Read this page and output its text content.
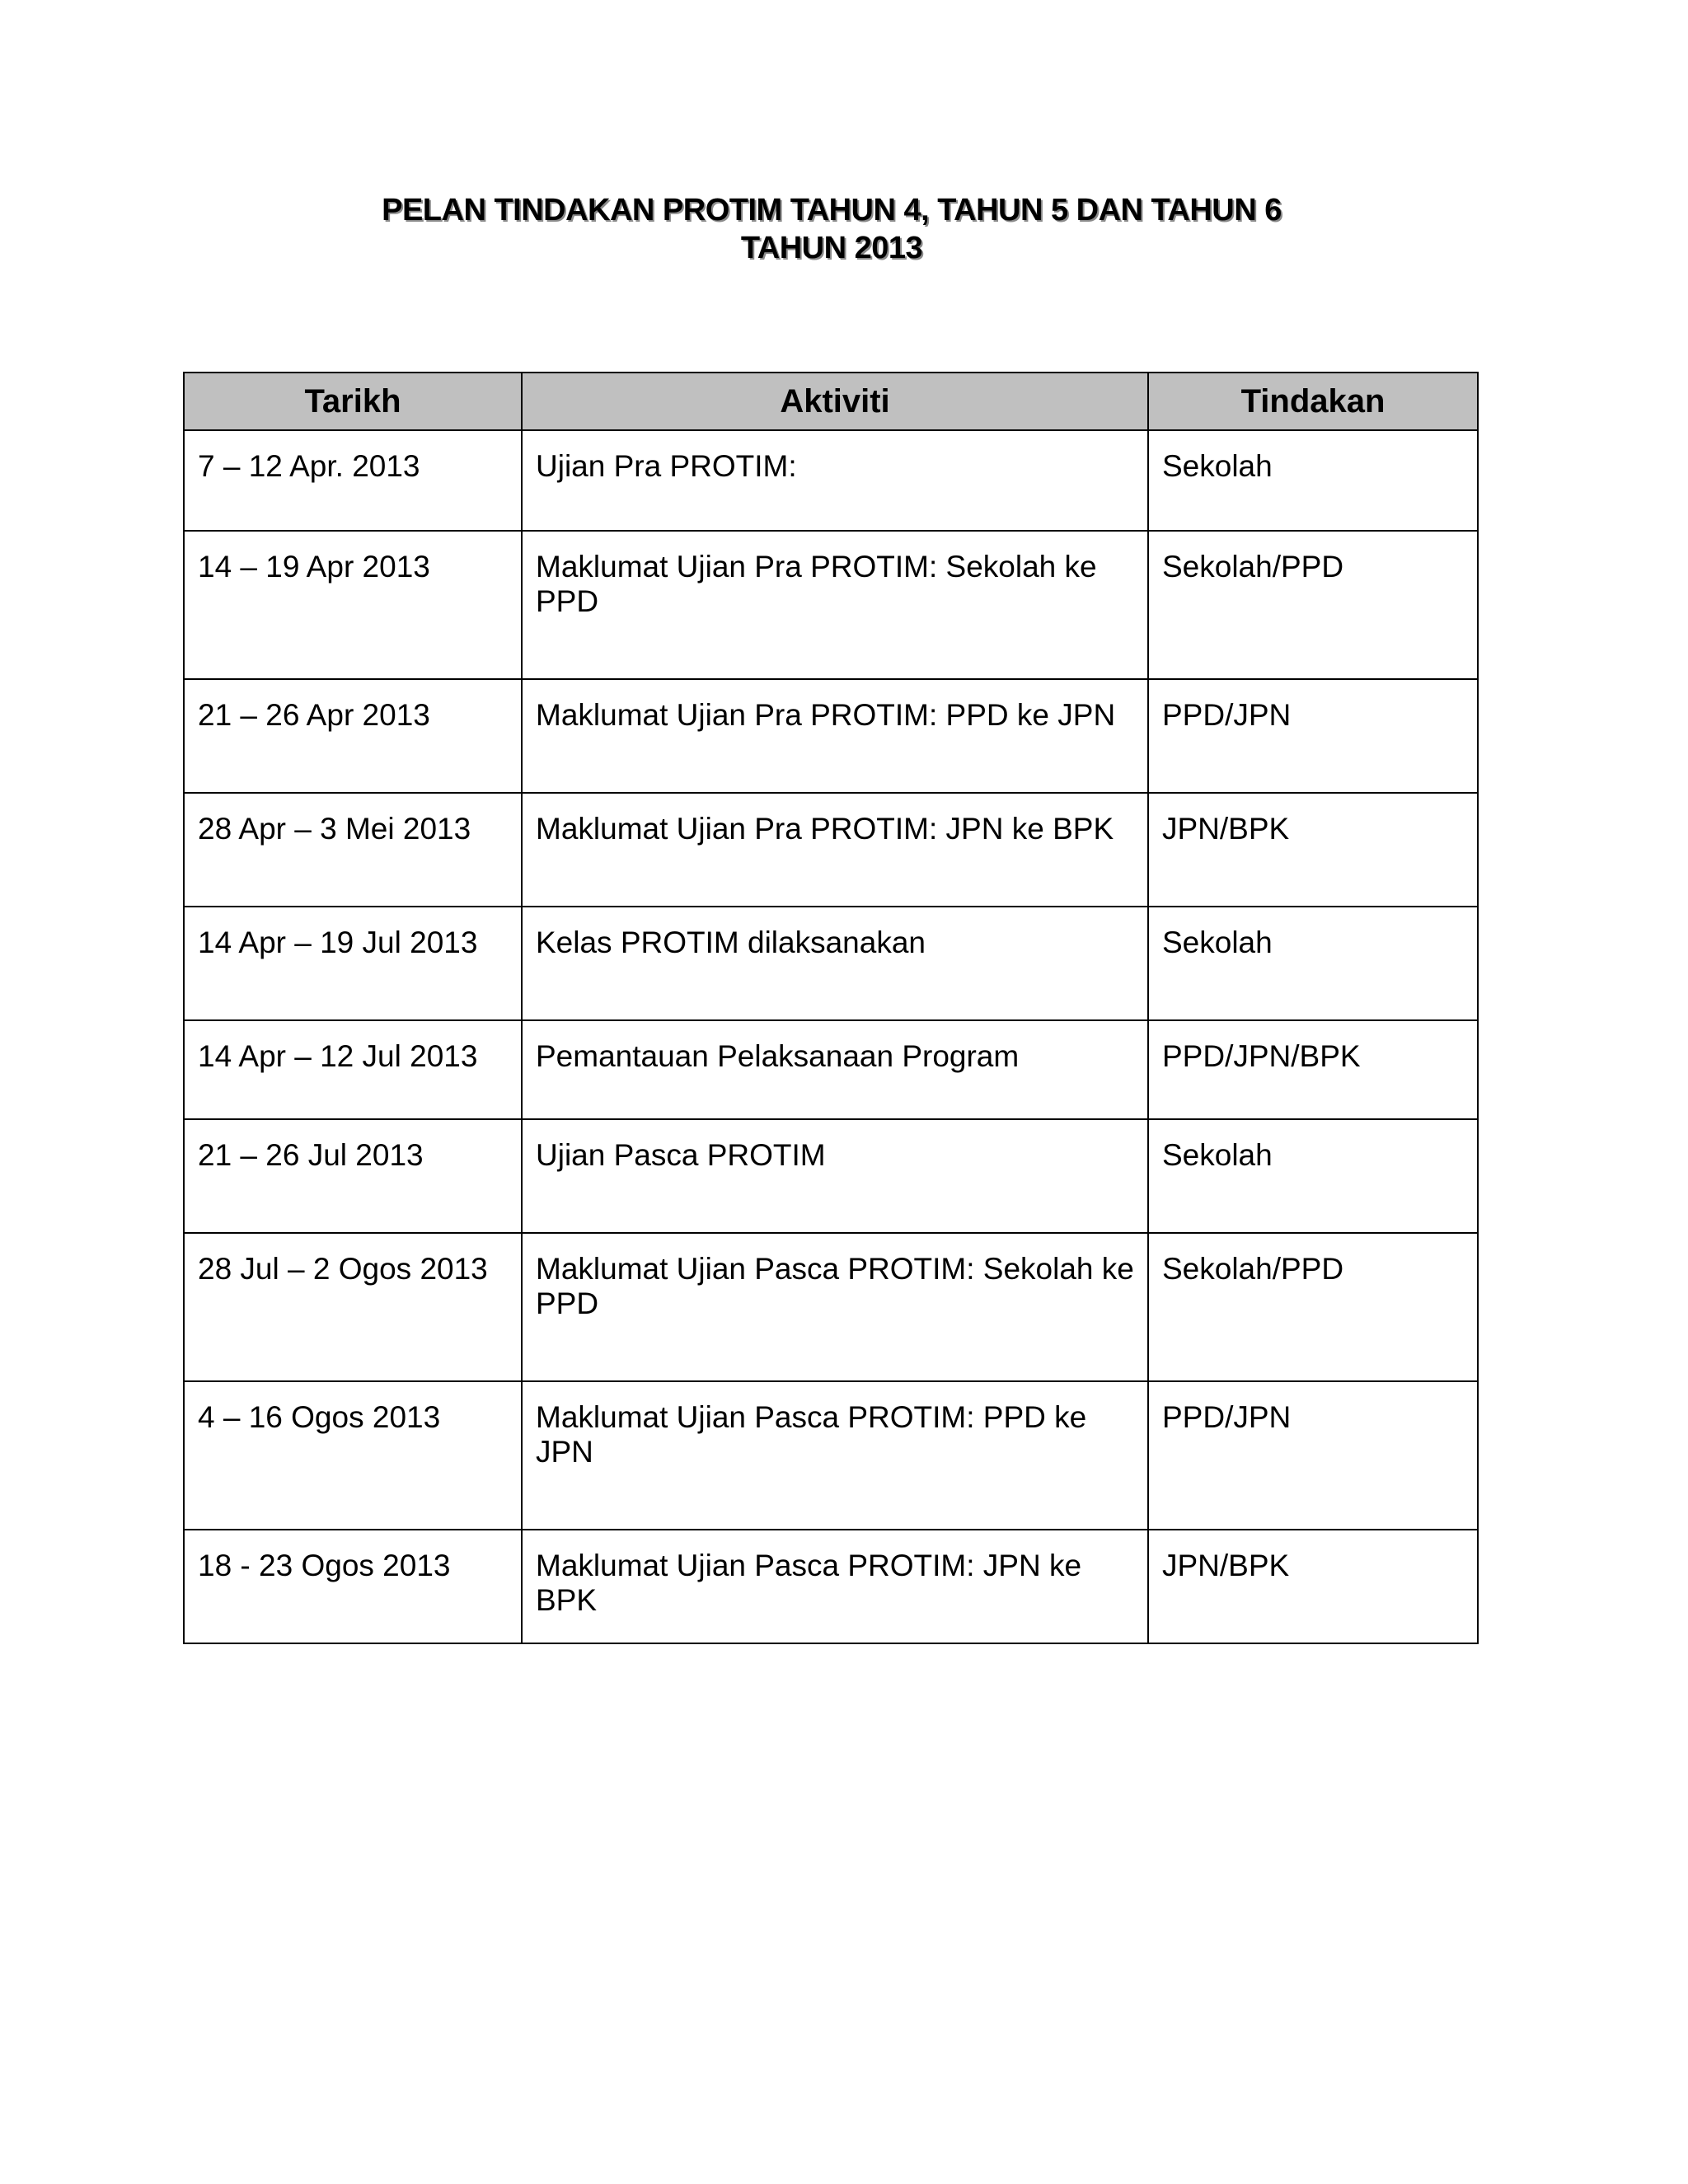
PELAN TINDAKAN PROTIM TAHUN 4, TAHUN 5 DAN TAHUN 6
TAHUN 2013
Tarikh	Aktiviti	Tindakan
7 – 12 Apr. 2013	Ujian Pra PROTIM:	Sekolah
14 – 19 Apr 2013	Maklumat Ujian Pra PROTIM: Sekolah ke PPD	Sekolah/PPD
21 – 26 Apr 2013	Maklumat Ujian Pra PROTIM: PPD ke JPN	PPD/JPN
28 Apr – 3 Mei 2013	Maklumat Ujian Pra PROTIM: JPN ke BPK	JPN/BPK
14 Apr – 19 Jul 2013	Kelas PROTIM dilaksanakan	Sekolah
14 Apr – 12 Jul 2013	Pemantauan Pelaksanaan Program	PPD/JPN/BPK
21 – 26 Jul 2013	Ujian Pasca PROTIM	Sekolah
28 Jul – 2 Ogos 2013	Maklumat Ujian Pasca PROTIM: Sekolah ke PPD	Sekolah/PPD
4 – 16 Ogos 2013	Maklumat Ujian Pasca PROTIM: PPD ke JPN	PPD/JPN
18 - 23 Ogos 2013	Maklumat Ujian Pasca PROTIM: JPN ke BPK	JPN/BPK
